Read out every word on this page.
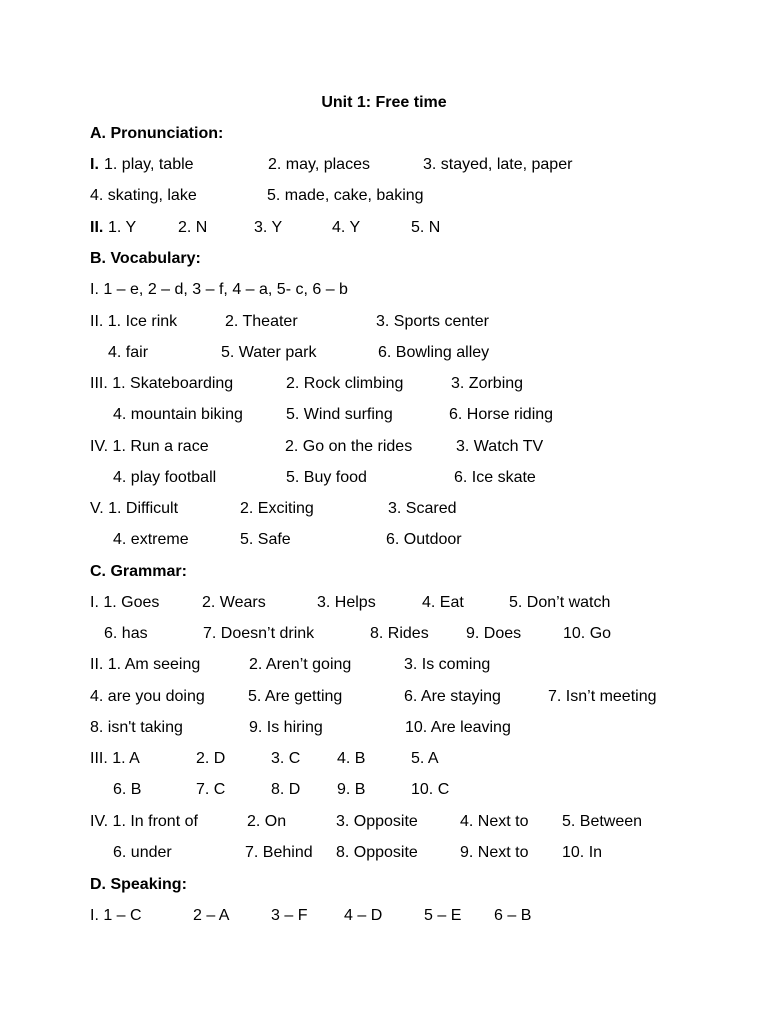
Unit 1: Free time
A. Pronunciation:
I. 1. play, table	2. may, places	3. stayed, late, paper
4. skating, lake	5. made, cake, baking
II. 1. Y	2. N	3. Y	4. Y	5. N
B. Vocabulary:
I. 1 – e, 2 – d, 3 – f, 4 – a, 5- c, 6 – b
II. 1. Ice rink	2. Theater	3. Sports center
4. fair	5. Water park	6. Bowling alley
III. 1. Skateboarding	2. Rock climbing	3. Zorbing
4. mountain biking	5. Wind surfing	6. Horse riding
IV. 1. Run a race	2. Go on the rides	3. Watch TV
4. play football	5. Buy food	6. Ice skate
V. 1. Difficult	2. Exciting	3. Scared
4. extreme	5. Safe	6. Outdoor
C. Grammar:
I. 1. Goes	2. Wears	3. Helps	4. Eat	5. Don’t watch
6. has	7. Doesn’t drink	8. Rides 9. Does	10. Go
II. 1. Am seeing	2. Aren’t going	3. Is coming
4. are you doing	5. Are getting	6. Are staying	7. Isn’t meeting
8. isn't taking	9. Is hiring	10. Are leaving
III. 1. A	2. D	3. C 4. B	5. A
6. B	7. C	8. D 9. B	10. C
IV. 1. In front of	2. On	3. Opposite	4. Next to 5. Between
6. under	7. Behind 8. Opposite	9. Next to 10. In
D. Speaking:
I. 1 – C	2 – A	3 – F 4 – D	5 – E 6 – B
